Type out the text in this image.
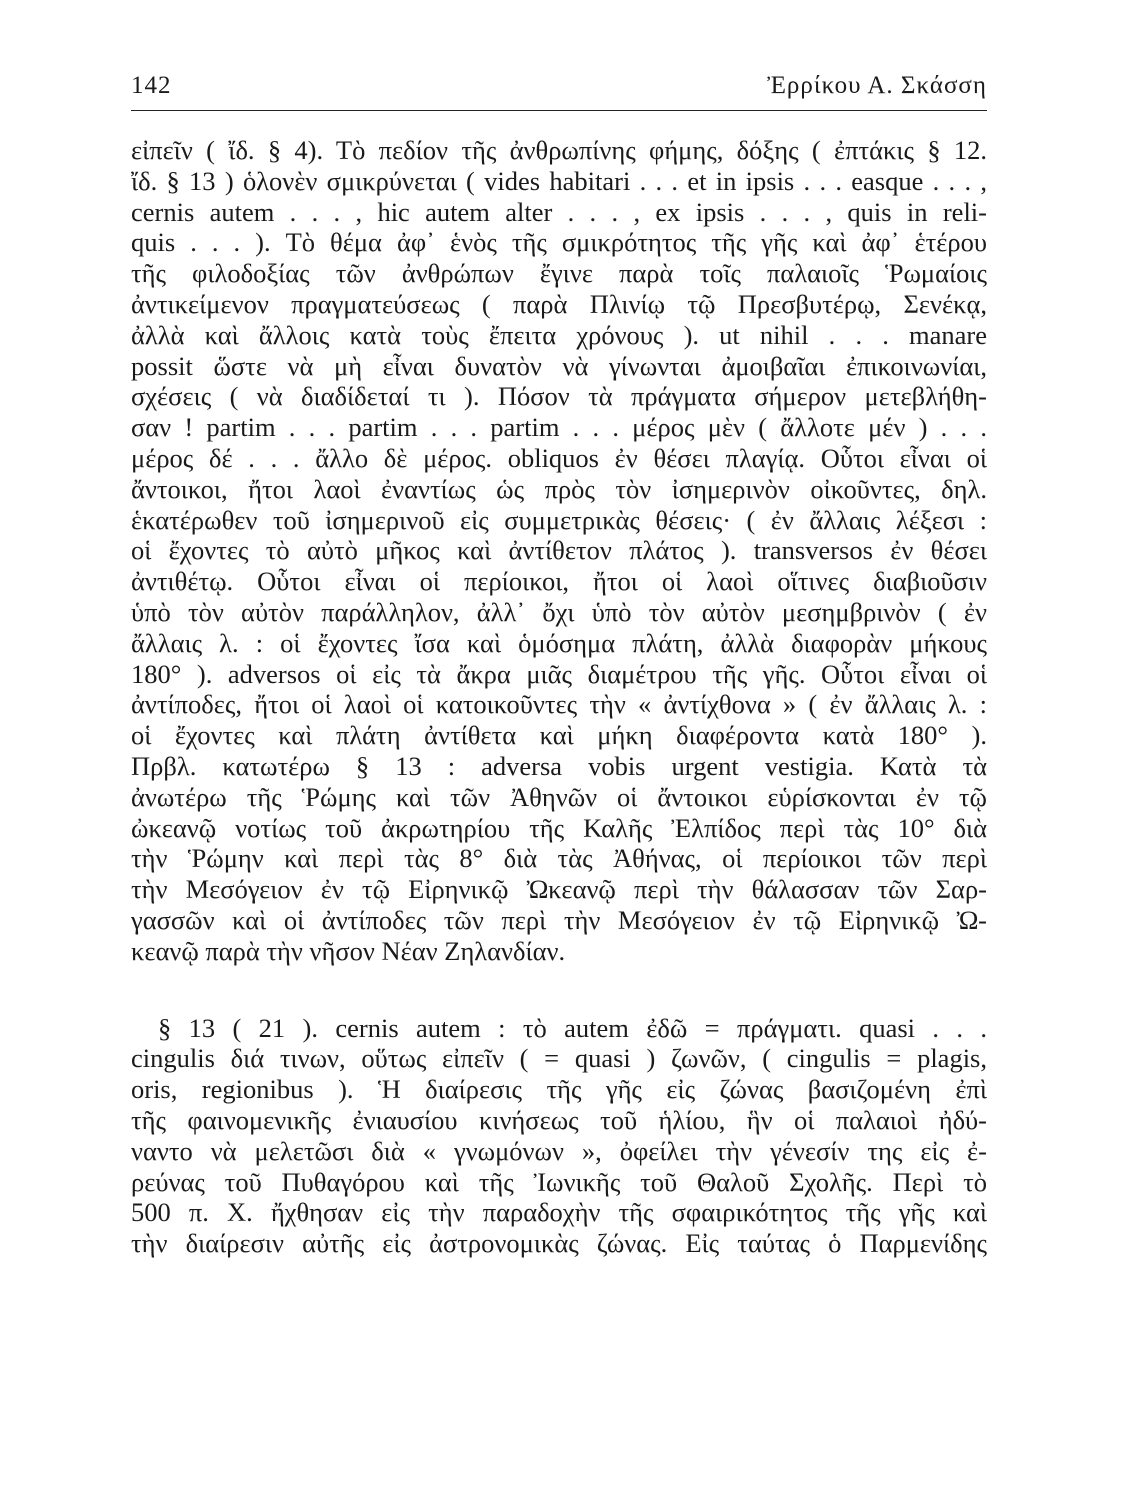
142	Ἐρρίκου Α. Σκάσση
εἰπεῖν ( ἴδ. § 4). Τὸ πεδίον τῆς ἀνθρωπίνης φήμης, δόξης ( ἐπτάκις § 12.
ἴδ. § 13 ) ὁλονὲν σμικρύνεται ( vides habitari . . . et in ipsis . . . easque . . . ,
cernis autem . . . , hic autem alter . . . , ex ipsis . . . , quis in reli-
quis . . . ). Τὸ θέμα ἀφ᾽ ἑνὸς τῆς σμικρότητος τῆς γῆς καὶ ἀφ᾽ ἑτέρου
τῆς φιλοδοξίας τῶν ἀνθρώπων ἔγινε παρὰ τοῖς παλαιοῖς Ῥωμαίοις
ἀντικείμενον πραγματεύσεως ( παρὰ Πλινίῳ τῷ Πρεσβυτέρῳ, Σενέκᾳ,
ἀλλὰ καὶ ἄλλοις κατὰ τοὺς ἔπειτα χρόνους ). ut nihil . . . manare
possit ὥστε νὰ μὴ εἶναι δυνατὸν νὰ γίνωνται ἀμοιβαῖαι ἐπικοινωνίαι,
σχέσεις ( νὰ διαδίδεταί τι ). Πόσον τὰ πράγματα σήμερον μετεβλήθη-
σαν ! partim . . . partim . . . partim . . . μέρος μὲν ( ἄλλοτε μέν ) . . .
μέρος δέ . . . ἄλλο δὲ μέρος. obliquos ἐν θέσει πλαγίᾳ. Οὗτοι εἶναι οἱ
ἄντοικοι, ἤτοι λαοὶ ἐναντίως ὡς πρὸς τὸν ἰσημερινὸν οἰκοῦντες, δηλ.
ἑκατέρωθεν τοῦ ἰσημερινοῦ εἰς συμμετρικὰς θέσεις· ( ἐν ἄλλαις λέξεσι :
οἱ ἔχοντες τὸ αὐτὸ μῆκος καὶ ἀντίθετον πλάτος ). transversos ἐν θέσει
ἀντιθέτῳ. Οὗτοι εἶναι οἱ περίοικοι, ἤτοι οἱ λαοὶ οἵτινες διαβιοῦσιν
ὑπὸ τὸν αὐτὸν παράλληλον, ἀλλ᾽ ὄχι ὑπὸ τὸν αὐτὸν μεσημβρινὸν ( ἐν
ἄλλαις λ. : οἱ ἔχοντες ἴσα καὶ ὁμόσημα πλάτη, ἀλλὰ διαφορὰν μήκους
180° ). adversos οἱ εἰς τὰ ἄκρα μιᾶς διαμέτρου τῆς γῆς. Οὗτοι εἶναι οἱ
ἀντίποδες, ἤτοι οἱ λαοὶ οἱ κατοικοῦντες τὴν « ἀντίχθονα » ( ἐν ἄλλαις λ. :
οἱ ἔχοντες καὶ πλάτη ἀντίθετα καὶ μήκη διαφέροντα κατὰ 180° ).
Πρβλ. κατωτέρω § 13 : adversa vobis urgent vestigia. Κατὰ τὰ
ἀνωτέρω τῆς Ῥώμης καὶ τῶν Ἀθηνῶν οἱ ἄντοικοι εὑρίσκονται ἐν τῷ
ὠκεανῷ νοτίως τοῦ ἀκρωτηρίου τῆς Καλῆς Ἐλπίδος περὶ τὰς 10° διὰ
τὴν Ῥώμην καὶ περὶ τὰς 8° διὰ τὰς Ἀθήνας, οἱ περίοικοι τῶν περὶ
τὴν Μεσόγειον ἐν τῷ Εἰρηνικῷ Ὠκεανῷ περὶ τὴν θάλασσαν τῶν Σαρ-
γασσῶν καὶ οἱ ἀντίποδες τῶν περὶ τὴν Μεσόγειον ἐν τῷ Εἰρηνικῷ Ὠ-
κεανῷ παρὰ τὴν νῆσον Νέαν Ζηλανδίαν.
§ 13 ( 21 ). cernis autem : τὸ autem ἐδῶ = πράγματι. quasi . . .
cingulis διά τινων, οὕτως εἰπεῖν ( = quasi ) ζωνῶν, ( cingulis = plagis,
oris, regionibus ). Ἡ διαίρεσις τῆς γῆς εἰς ζώνας βασιζομένη ἐπὶ
τῆς φαινομενικῆς ἐνιαυσίου κινήσεως τοῦ ἡλίου, ἣν οἱ παλαιοὶ ἠδύ-
ναντο νὰ μελετῶσι διὰ « γνωμόνων », ὀφείλει τὴν γένεσίν της εἰς ἐ-
ρεύνας τοῦ Πυθαγόρου καὶ τῆς Ἰωνικῆς τοῦ Θαλοῦ Σχολῆς. Περὶ τὸ
500 π. Χ. ἤχθησαν εἰς τὴν παραδοχὴν τῆς σφαιρικότητος τῆς γῆς καὶ
τὴν διαίρεσιν αὐτῆς εἰς ἀστρονομικὰς ζώνας. Εἰς ταύτας ὁ Παρμενίδης
